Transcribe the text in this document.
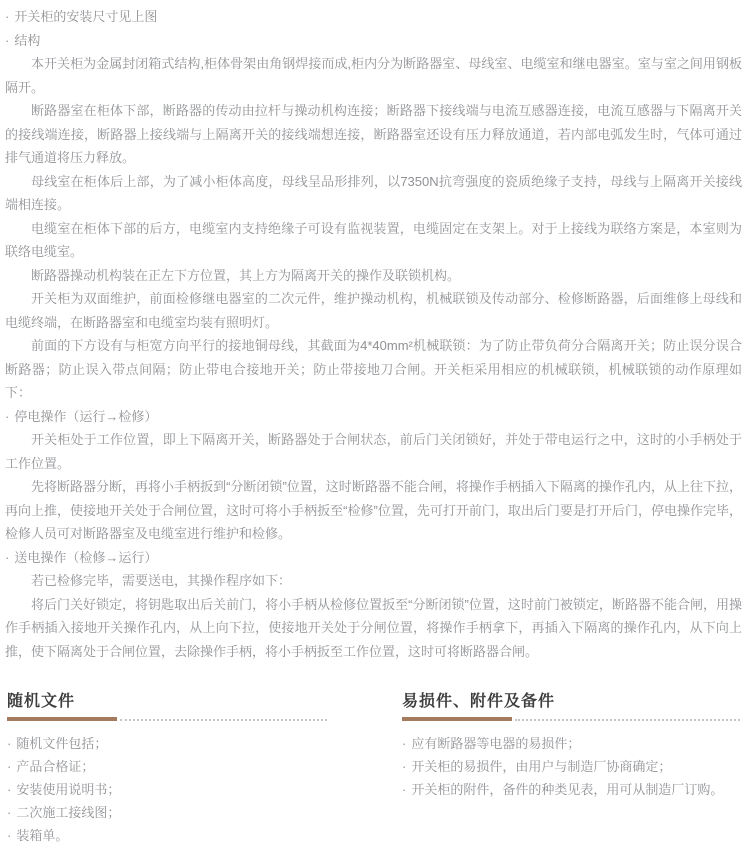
· 开关柜的安装尺寸见上图

· 结构

本开关柜为金属封闭箱式结构,柜体骨架由角钢焊接而成,柜内分为断路器室、母线室、电缆室和继电器室。室与室之间用钢板隔开。

断路器室在柜体下部，断路器的传动由拉杆与操动机构连接；断路器下接线端与电流互感器连接，电流互感器与下隔离开关的接线端连接，断路器上接线端与上隔离开关的接线端想连接，断路器室还设有压力释放通道，若内部电弧发生时，气体可通过排气通道将压力释放。

母线室在柜体后上部，为了减小柜体高度，母线呈品形排列，以7350N抗弯强度的瓷质绝缘子支持，母线与上隔离开关接线端相连接。

电缆室在柜体下部的后方，电缆室内支持绝缘子可设有监视装置，电缆固定在支架上。对于上接线为联络方案是，本室则为联络电缆室。

断路器操动机构装在正左下方位置，其上方为隔离开关的操作及联锁机构。

开关柜为双面维护，前面检修继电器室的二次元件，维护操动机构，机械联锁及传动部分、检修断路器，后面维修上母线和电缆终端，在断路器室和电缆室均装有照明灯。

前面的下方设有与柜宽方向平行的接地铜母线，其截面为4*40mm²机械联锁：为了防止带负荷分合隔离开关；防止误分误合断路器；防止误入带点间隔；防止带电合接地开关；防止带接地刀合闸。开关柜采用相应的机械联锁，机械联锁的动作原理如下：

· 停电操作（运行→检修）

开关柜处于工作位置，即上下隔离开关，断路器处于合闸状态，前后门关闭锁好，并处于带电运行之中，这时的小手柄处于工作位置。

先将断路器分断，再将小手柄扳到“分断闭锁”位置，这时断路器不能合闸，将操作手柄插入下隔离的操作孔内，从上往下拉，再向上推，使接地开关处于合闸位置，这时可将小手柄扳至“检修”位置，先可打开前门，取出后门要是打开后门，停电操作完毕，检修人员可对断路器室及电缆室进行维护和检修。

· 送电操作（检修→运行）

若已检修完毕，需要送电，其操作程序如下：

将后门关好锁定，将钥匙取出后关前门，将小手柄从检修位置扳至“分断闭锁”位置，这时前门被锁定，断路器不能合闸，用操作手柄插入接地开关操作孔内，从上向下拉，使接地开关处于分闸位置，将操作手柄拿下，再插入下隔离的操作孔内，从下向上推，使下隔离处于合闸位置，去除操作手柄，将小手柄扳至工作位置，这时可将断路器合闸。

随机文件
· 随机文件包括；
· 产品合格证；
· 安装使用说明书；
· 二次施工接线图；
· 装箱单。
易损件、附件及备件
· 应有断路器等电器的易损件；
· 开关柜的易损件，由用户与制造厂协商确定；
· 开关柜的附件，备件的种类见表，用可从制造厂订购。
